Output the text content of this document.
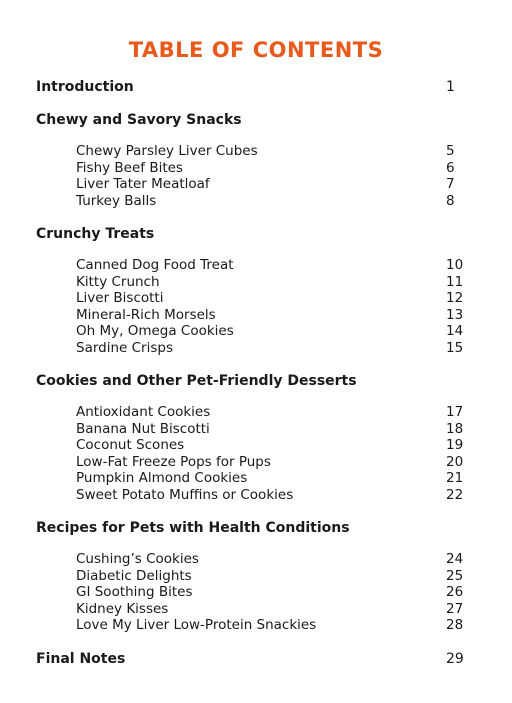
TABLE OF CONTENTS
Introduction	1
Chewy and Savory Snacks
Chewy Parsley Liver Cubes	5
Fishy Beef Bites	6
Liver Tater Meatloaf	7
Turkey Balls	8
Crunchy Treats
Canned Dog Food Treat	10
Kitty Crunch	11
Liver Biscotti	12
Mineral-Rich Morsels	13
Oh My, Omega Cookies	14
Sardine Crisps	15
Cookies and Other Pet-Friendly Desserts
Antioxidant Cookies	17
Banana Nut Biscotti	18
Coconut Scones	19
Low-Fat Freeze Pops for Pups	20
Pumpkin Almond Cookies	21
Sweet Potato Muffins or Cookies	22
Recipes for Pets with Health Conditions
Cushing’s Cookies	24
Diabetic Delights	25
GI Soothing Bites	26
Kidney Kisses	27
Love My Liver Low-Protein Snackies	28
Final Notes	29
